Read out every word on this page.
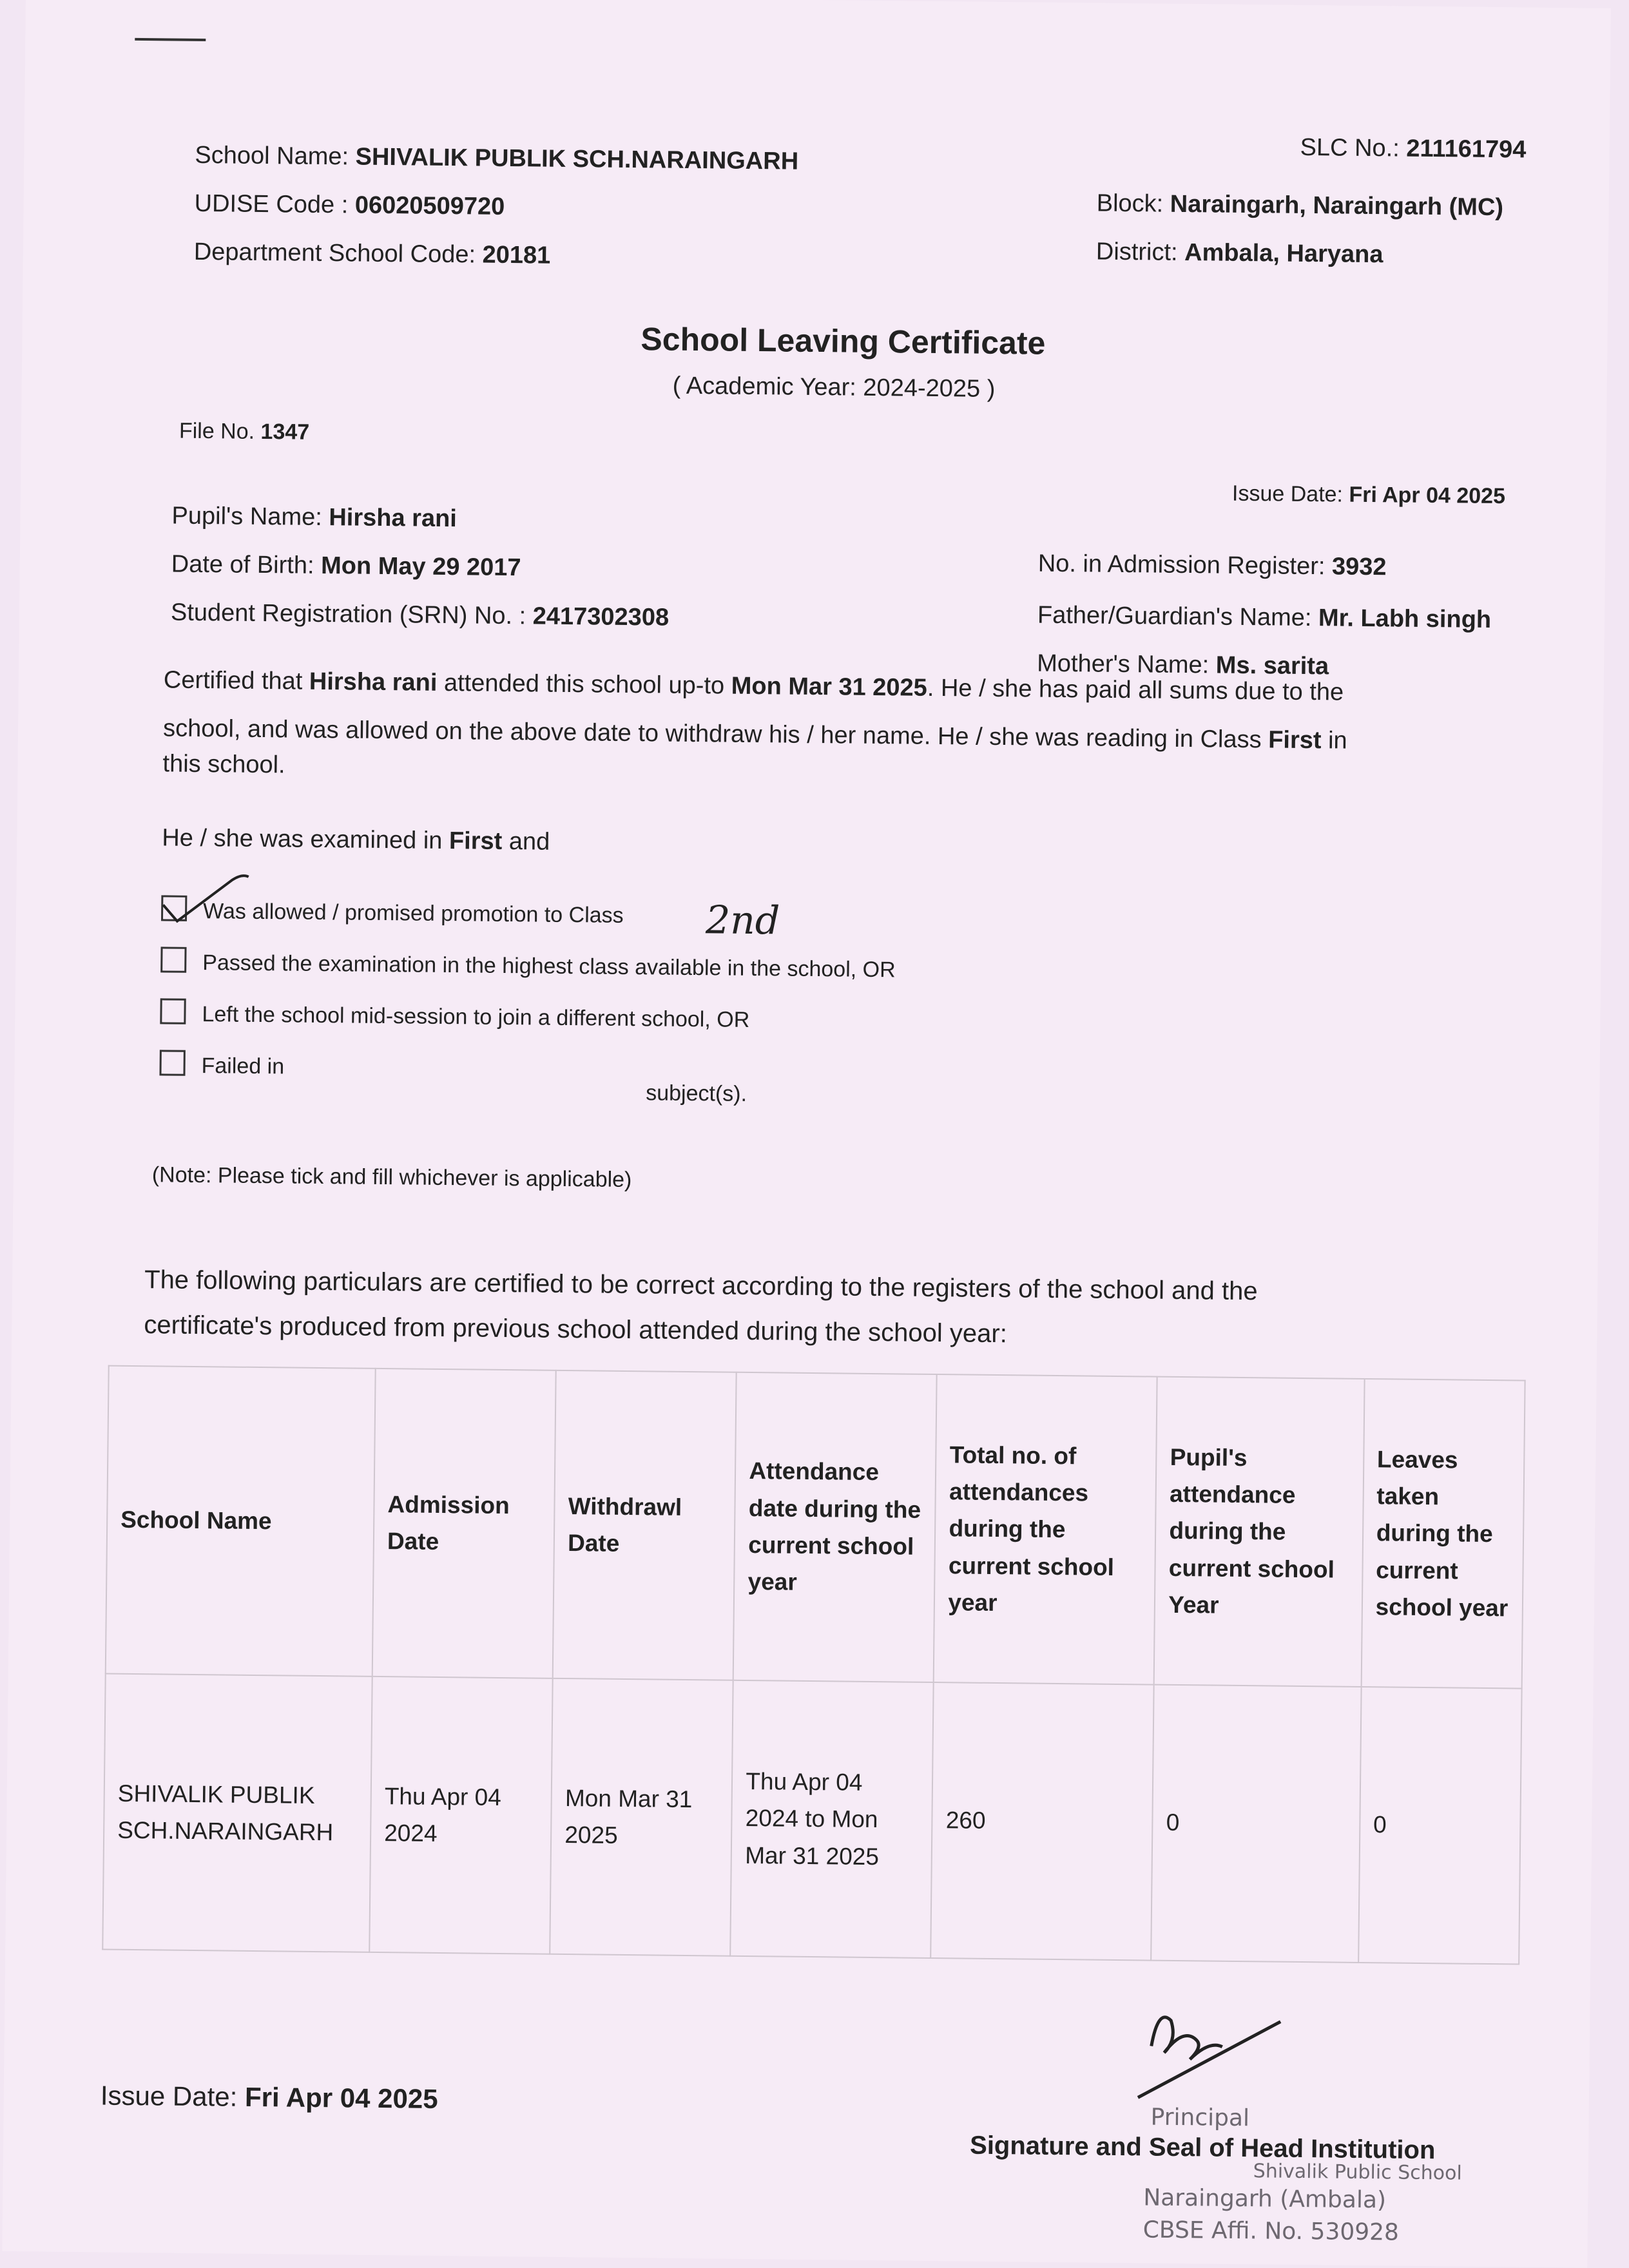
School Name: SHIVALIK PUBLIK SCH.NARAINGARH
UDISE Code : 06020509720
Department School Code: 20181
SLC No.: 211161794
Block: Naraingarh, Naraingarh (MC)
District: Ambala, Haryana
School Leaving Certificate
( Academic Year: 2024-2025 )
File No. 1347
Issue Date: Fri Apr 04 2025
Pupil's Name: Hirsha rani
Date of Birth: Mon May 29 2017
Student Registration (SRN) No. : 2417302308
No. in Admission Register: 3932
Father/Guardian's Name: Mr. Labh singh
Mother's Name: Ms. sarita
Certified that Hirsha rani attended this school up-to Mon Mar 31 2025. He / she has paid all sums due to the
school, and was allowed on the above date to withdraw his / her name. He / she was reading in Class First in
this school.
He / she was examined in First and
Was allowed / promised promotion to Class 2nd
Passed the examination in the highest class available in the school, OR
Left the school mid-session to join a different school, OR
Failed in
subject(s).
(Note: Please tick and fill whichever is applicable)
The following particulars are certified to be correct according to the registers of the school and the
certificate's produced from previous school attended during the school year:
School Name	Admission Date	Withdrawl Date	Attendance date during the current school year	Total no. of attendances during the current school year	Pupil's attendance during the current school Year	Leaves taken during the current school year
SHIVALIK PUBLIK SCH.NARAINGARH	Thu Apr 04 2024	Mon Mar 31 2025	Thu Apr 04 2024 to Mon Mar 31 2025	260	0	0
Issue Date: Fri Apr 04 2025
Principal
Signature and Seal of Head Institution
Shivalik Public School
Naraingarh (Ambala)
CBSE Affi. No. 530928
